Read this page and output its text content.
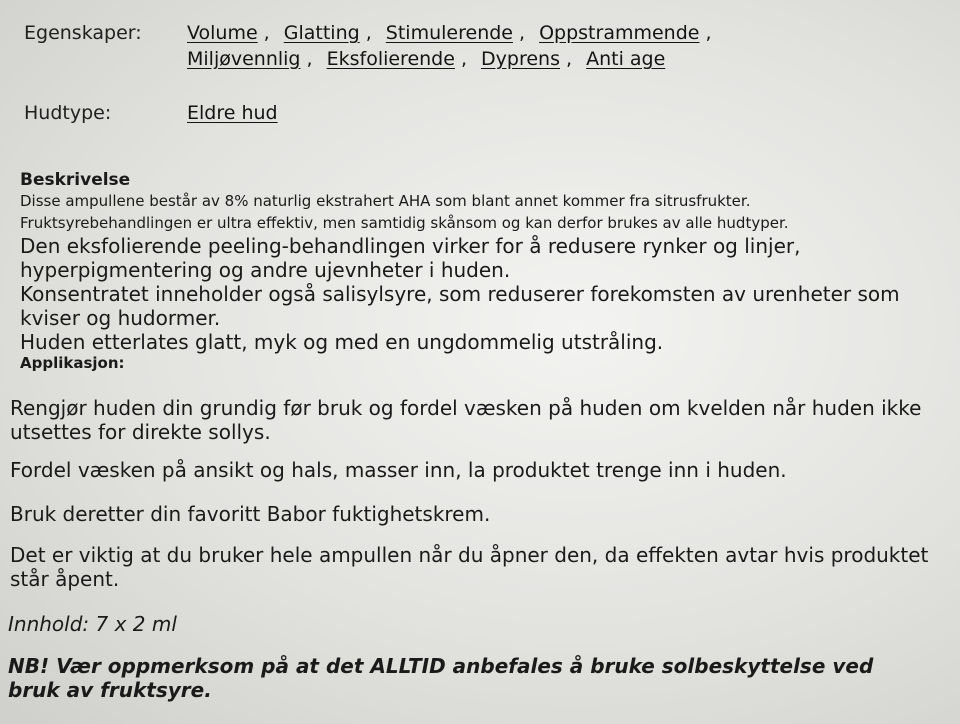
Egenskaper:	Volume , Glatting , Stimulerende , Oppstrammende , Miljøvennlig , Eksfolierende , Dyprens , Anti age
Hudtype:	Eldre hud

Beskrivelse

Disse ampullene består av 8% naturlig ekstrahert AHA som blant annet kommer fra sitrusfrukter.

Fruktsyrebehandlingen er ultra effektiv, men samtidig skånsom og kan derfor brukes av alle hudtyper.

Den eksfolierende peeling-behandlingen virker for å redusere rynker og linjer, hyperpigmentering og andre ujevnheter i huden.

Konsentratet inneholder også salisylsyre, som reduserer forekomsten av urenheter som kviser og hudormer.

Huden etterlates glatt, myk og med en ungdommelig utstråling.

Applikasjon:

Rengjør huden din grundig før bruk og fordel væsken på huden om kvelden når huden ikke utsettes for direkte sollys.

Fordel væsken på ansikt og hals, masser inn, la produktet trenge inn i huden.

Bruk deretter din favoritt Babor fuktighetskrem.

Det er viktig at du bruker hele ampullen når du åpner den, da effekten avtar hvis produktet står åpent.

Innhold: 7 x 2 ml

NB! Vær oppmerksom på at det ALLTID anbefales å bruke solbeskyttelse ved bruk av fruktsyre.
